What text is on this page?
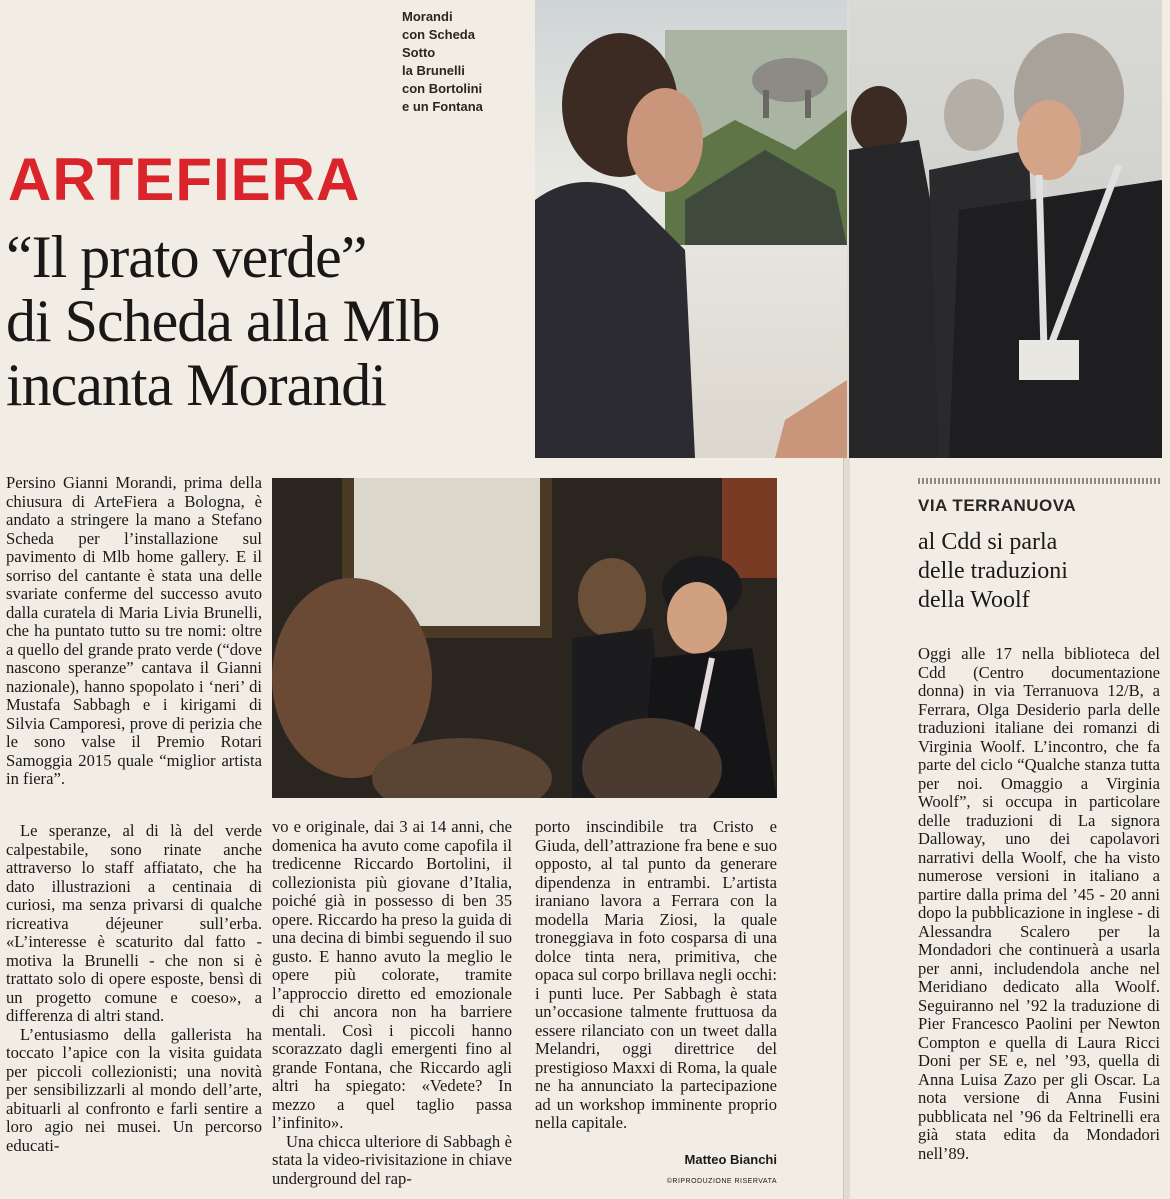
Morandi
con Scheda
Sotto
la Brunelli
con Bortolini
e un Fontana
ARTEFIERA
“Il prato verde”
di Scheda alla Mlb
incanta Morandi

Persino Gianni Morandi, prima della chiusura di ArteFiera a Bologna, è andato a stringere la mano a Stefano Scheda per l’installazione sul pavimento di Mlb home gallery. E il sorriso del cantante è stata una delle svariate conferme del successo avuto dalla curatela di Maria Livia Brunelli, che ha puntato tutto su tre nomi: oltre a quello del grande prato verde (“dove nascono speranze” cantava il Gianni nazionale), hanno spopolato i ‘neri’ di Mustafa Sabbagh e i kirigami di Silvia Camporesi, prove di perizia che le sono valse il Premio Rotari Samoggia 2015 quale “miglior artista in fiera”.

Le speranze, al di là del verde calpestabile, sono rinate anche attraverso lo staff affiatato, che ha dato illustrazioni a centinaia di curiosi, ma senza privarsi di qualche ricreativa déjeuner sull’erba. «L’interesse è scaturito dal fatto - motiva la Brunelli - che non si è trattato solo di opere esposte, bensì di un progetto comune e coeso», a differenza di altri stand.

L’entusiasmo della gallerista ha toccato l’apice con la visita guidata per piccoli collezionisti; una novità per sensibilizzarli al mondo dell’arte, abituarli al confronto e farli sentire a loro agio nei musei. Un percorso educati-

vo e originale, dai 3 ai 14 anni, che domenica ha avuto come capofila il tredicenne Riccardo Bortolini, il collezionista più giovane d’Italia, poiché già in possesso di ben 35 opere. Riccardo ha preso la guida di una decina di bimbi seguendo il suo gusto. E hanno avuto la meglio le opere più colorate, tramite l’approccio diretto ed emozionale di chi ancora non ha barriere mentali. Così i piccoli hanno scorazzato dagli emergenti fino al grande Fontana, che Riccardo agli altri ha spiegato: «Vedete? In mezzo a quel taglio passa l’infinito».

Una chicca ulteriore di Sabbagh è stata la video-rivisitazione in chiave underground del rap-

porto inscindibile tra Cristo e Giuda, dell’attrazione fra bene e suo opposto, al tal punto da generare dipendenza in entrambi. L’artista iraniano lavora a Ferrara con la modella Maria Ziosi, la quale troneggiava in foto cosparsa di una dolce tinta nera, primitiva, che opaca sul corpo brillava negli occhi: i punti luce. Per Sabbagh è stata un’occasione talmente fruttuosa da essere rilanciato con un tweet dalla Melandri, oggi direttrice del prestigioso Maxxi di Roma, la quale ne ha annunciato la partecipazione ad un workshop imminente proprio nella capitale.

Matteo Bianchi
©RIPRODUZIONE RISERVATA
VIA TERRANUOVA
al Cdd si parla
delle traduzioni
della Woolf

Oggi alle 17 nella biblioteca del Cdd (Centro documentazione donna) in via Terranuova 12/B, a Ferrara, Olga Desiderio parla delle traduzioni italiane dei romanzi di Virginia Woolf. L’incontro, che fa parte del ciclo “Qualche stanza tutta per noi. Omaggio a Virginia Woolf”, si occupa in particolare delle traduzioni di La signora Dalloway, uno dei capolavori narrativi della Woolf, che ha visto numerose versioni in italiano a partire dalla prima del ’45 - 20 anni dopo la pubblicazione in inglese - di Alessandra Scalero per la Mondadori che continuerà a usarla per anni, includendola anche nel Meridiano dedicato alla Woolf. Seguiranno nel ’92 la traduzione di Pier Francesco Paolini per Newton Compton e quella di Laura Ricci Doni per SE e, nel ’93, quella di Anna Luisa Zazo per gli Oscar. La nota versione di Anna Fusini pubblicata nel ’96 da Feltrinelli era già stata edita da Mondadori nell’89.
